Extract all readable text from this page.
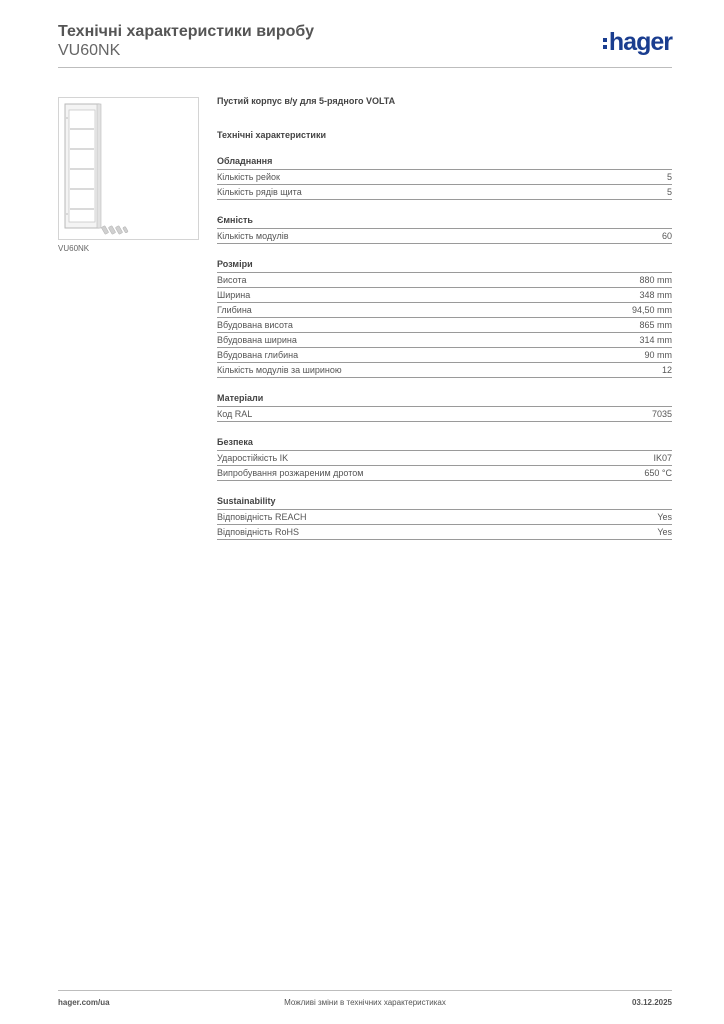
Технічні характеристики виробу
VU60NK	hager
VU60NK
Пустий корпус в/у для 5-рядного VOLTA
Технічні характеристики
Обладнання
Кількість рейок	5
Кількість рядів щита	5
Ємність
Кількість модулів	60
Розміри
Висота	880 mm
Ширина	348 mm
Глибина	94,50 mm
Вбудована висота	865 mm
Вбудована ширина	314 mm
Вбудована глибина	90 mm
Кількість модулів за шириною	12
Матеріали
Код RAL	7035
Безпека
Ударостійкість IK	IK07
Випробування розжареним дротом	650 °C
Sustainability
Відповідність REACH	Yes
Відповідність RoHS	Yes
hager.com/ua	Можливі зміни в технічних характеристиках	03.12.2025
